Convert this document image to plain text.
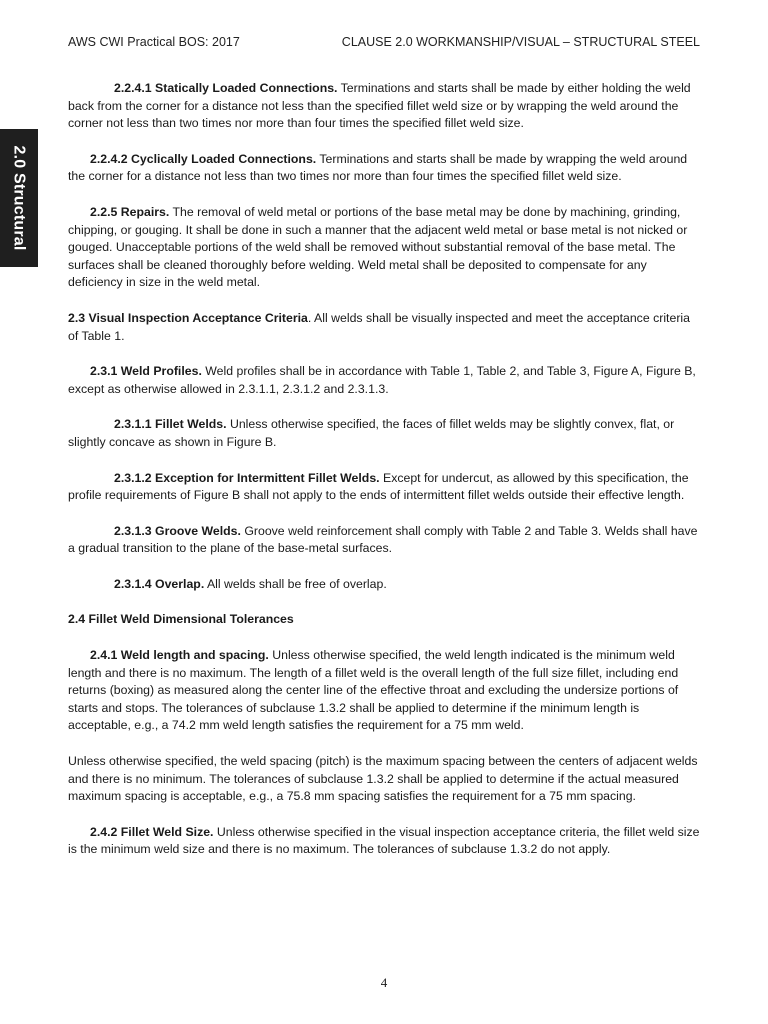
AWS CWI Practical BOS: 2017	CLAUSE 2.0 WORKMANSHIP/VISUAL – STRUCTURAL STEEL
2.0 Structural

2.2.4.1 Statically Loaded Connections. Terminations and starts shall be made by either holding the weld back from the corner for a distance not less than the specified fillet weld size or by wrapping the weld around the corner not less than two times nor more than four times the specified fillet weld size.

2.2.4.2 Cyclically Loaded Connections. Terminations and starts shall be made by wrapping the weld around the corner for a distance not less than two times nor more than four times the specified fillet weld size.

2.2.5 Repairs. The removal of weld metal or portions of the base metal may be done by machining, grinding, chipping, or gouging. It shall be done in such a manner that the adjacent weld metal or base metal is not nicked or gouged. Unacceptable portions of the weld shall be removed without substantial removal of the base metal. The surfaces shall be cleaned thoroughly before welding. Weld metal shall be deposited to compensate for any deficiency in size in the weld metal.

2.3 Visual Inspection Acceptance Criteria. All welds shall be visually inspected and meet the acceptance criteria of Table 1.

2.3.1 Weld Profiles. Weld profiles shall be in accordance with Table 1, Table 2, and Table 3, Figure A, Figure B, except as otherwise allowed in 2.3.1.1, 2.3.1.2 and 2.3.1.3.

2.3.1.1 Fillet Welds. Unless otherwise specified, the faces of fillet welds may be slightly convex, flat, or slightly concave as shown in Figure B.

2.3.1.2 Exception for Intermittent Fillet Welds. Except for undercut, as allowed by this specification, the profile requirements of Figure B shall not apply to the ends of intermittent fillet welds outside their effective length.

2.3.1.3 Groove Welds. Groove weld reinforcement shall comply with Table 2 and Table 3. Welds shall have a gradual transition to the plane of the base-metal surfaces.

2.3.1.4 Overlap. All welds shall be free of overlap.

2.4 Fillet Weld Dimensional Tolerances

2.4.1 Weld length and spacing. Unless otherwise specified, the weld length indicated is the minimum weld length and there is no maximum. The length of a fillet weld is the overall length of the full size fillet, including end returns (boxing) as measured along the center line of the effective throat and excluding the undersize portions of starts and stops. The tolerances of subclause 1.3.2 shall be applied to determine if the minimum length is acceptable, e.g., a 74.2 mm weld length satisfies the requirement for a 75 mm weld.

Unless otherwise specified, the weld spacing (pitch) is the maximum spacing between the centers of adjacent welds and there is no minimum. The tolerances of subclause 1.3.2 shall be applied to determine if the actual measured maximum spacing is acceptable, e.g., a 75.8 mm spacing satisfies the requirement for a 75 mm spacing.

2.4.2 Fillet Weld Size. Unless otherwise specified in the visual inspection acceptance criteria, the fillet weld size is the minimum weld size and there is no maximum. The tolerances of subclause 1.3.2 do not apply.

4
